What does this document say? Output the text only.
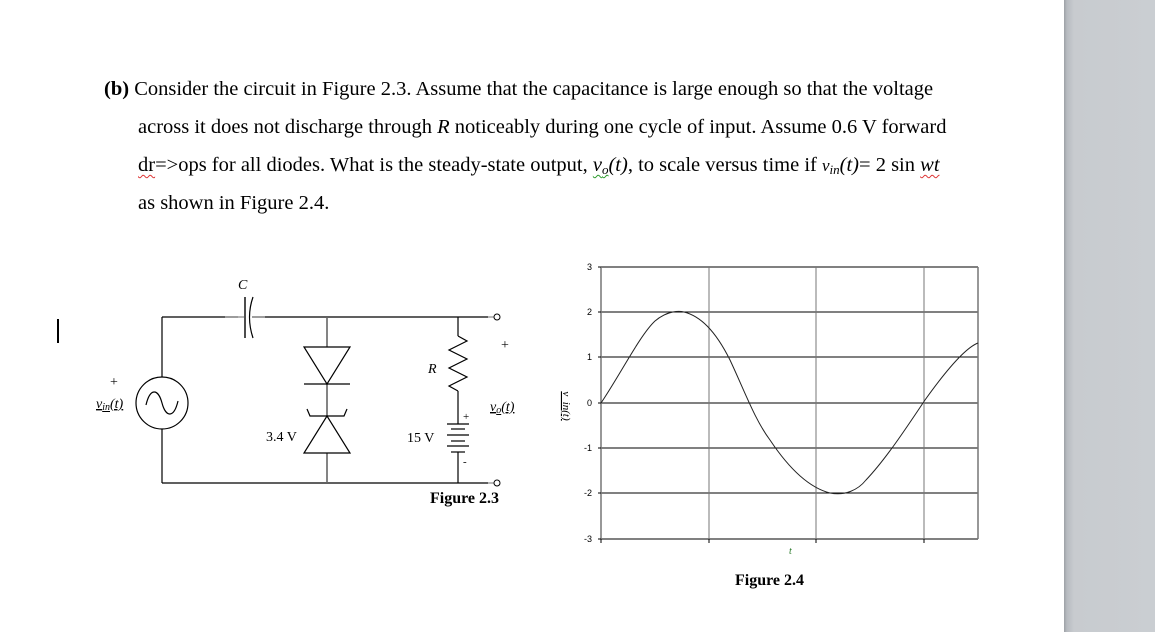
(b) Consider the circuit in Figure 2.3. Assume that the capacitance is large enough so that the voltage
across it does not discharge through R noticeably during one cycle of input. Assume 0.6 V forward
dr=>ops for all diodes. What is the steady-state output, $v_o(t)$, to scale versus time if $v_{in}(t)= 2$ sin wt
as shown in Figure 2.4.
C
+
vin(t)
3.4 V
R
+
-
15 V
+
vo(t)
Figure 2.3
3
2
1
0
-1
-2
-3
v_in(t)
t
Figure 2.4
